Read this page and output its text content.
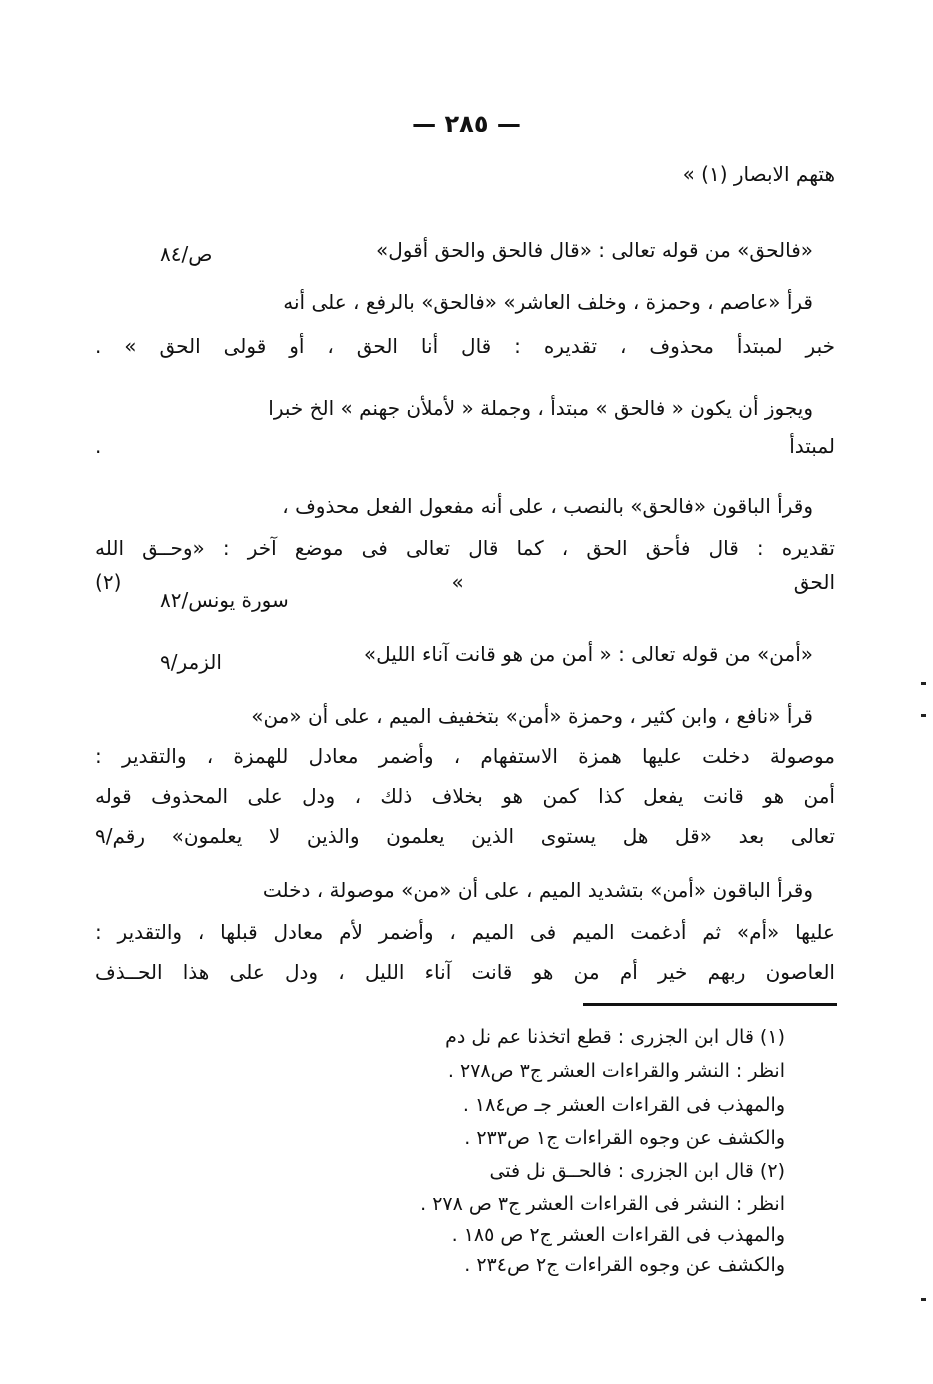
— ٢٨٥ —
هتهم الابصار (١) »
«فالحق» من قوله تعالى : «قال فالحق والحق أقول»
ص/٨٤
قرأ «عاصم ، وحمزة ، وخلف العاشر» «فالحق» بالرفع ، على أنه
خبر لمبتدأ محذوف ، تقديره : قال أنا الحق ، أو قولى الحق » .
ويجوز أن يكون « فالحق » مبتدأ ، وجملة « لأملأن جهنم » الخ خبرا
لمبتدأ .
وقرأ الباقون «فالحق» بالنصب ، على أنه مفعول الفعل محذوف ،
تقديره : قال فأحق الحق ، كما قال تعالى فى موضع آخر : «وحــق الله
الحق » (٢)
سورة يونس/٨٢
«أمن» من قوله تعالى : « أمن من هو قانت آناء الليل»
الزمر/٩
قرأ «نافع ، وابن كثير ، وحمزة «أمن» بتخفيف الميم ، على أن «من»
موصولة دخلت عليها همزة الاستفهام ، وأضمر معادل للهمزة ، والتقدير :
أمن هو قانت يفعل كذا كمن هو بخلاف ذلك ، ودل على المحذوف قوله
تعالى بعد «قل هل يستوى الذين يعلمون والذين لا يعلمون» رقم/٩
وقرأ الباقون «أمن» بتشديد الميم ، على أن «من» موصولة ، دخلت
عليها «أم» ثم أدغمت الميم فى الميم ، وأضمر لأم معادل قبلها ، والتقدير :
العاصون ربهم خير أم من هو قانت آناء الليل ، ودل على هذا الحــذف
(١) قال ابن الجزرى : قطع اتخذنا عم نل دم
انظر : النشر والقراءات العشر ج٣ ص٢٧٨ .
والمهذب فى القراءات العشر جـ ص١٨٤ .
والكشف عن وجوه القراءات ج١ ص٢٣٣ .
(٢) قال ابن الجزرى : فالحــق نل فتى
انظر : النشر فى القراءات العشر ج٣ ص ٢٧٨ .
والمهذب فى القراءات العشر ج٢ ص ١٨٥ .
والكشف عن وجوه القراءات ج٢ ص٢٣٤ .
